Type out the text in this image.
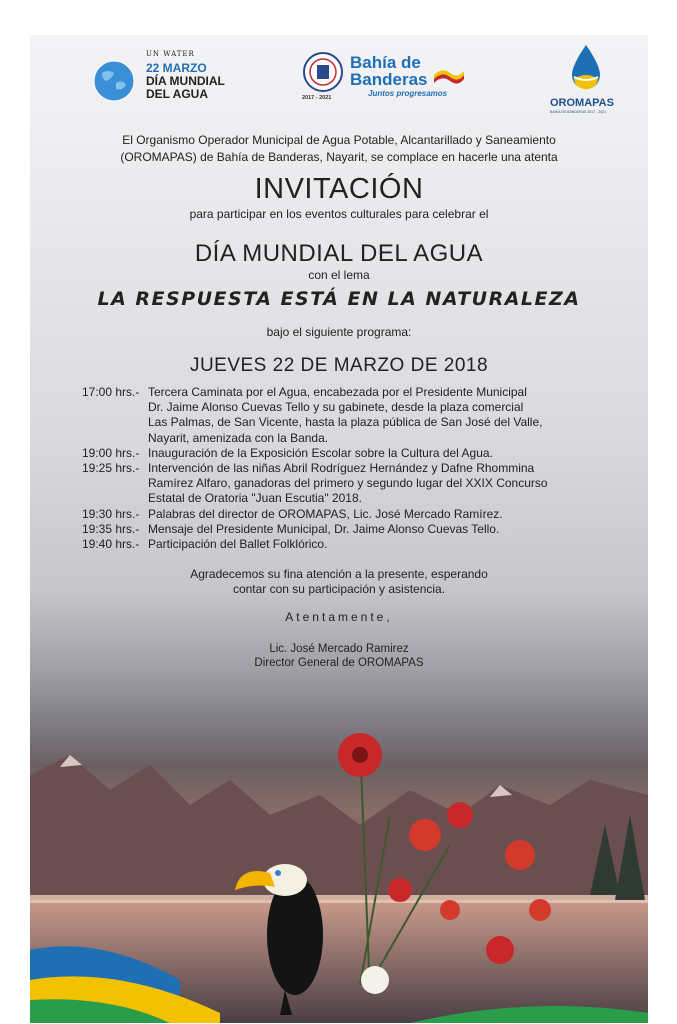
UN WATER
22 MARZO
DÍA MUNDIAL
DEL AGUA	2017 - 2021
Bahía de
Banderas
Juntos progresamos
OROMAPAS
BAHÍA DE BANDERAS 2017 - 2021
El Organismo Operador Municipal de Agua Potable, Alcantarillado y Saneamiento
(OROMAPAS) de Bahía de Banderas, Nayarit, se complace en hacerle una atenta
INVITACIÓN
para participar en los eventos culturales para celebrar el
DÍA MUNDIAL DEL AGUA
con el lema
LA RESPUESTA ESTÁ EN LA NATURALEZA
bajo el siguiente programa:
JUEVES 22 DE MARZO DE 2018
17:00 hrs.- Tercera Caminata por el Agua, encabezada por el Presidente Municipal
Dr. Jaime Alonso Cuevas Tello y su gabinete, desde la plaza comercial
Las Palmas, de San Vicente, hasta la plaza pública de San José del Valle,
Nayarit, amenizada con la Banda.
19:00 hrs.- Inauguración de la Exposición Escolar sobre la Cultura del Agua.
19:25 hrs.- Intervención de las niñas Abril Rodríguez Hernández y Dafne Rhommina
Ramírez Alfaro, ganadoras del primero y segundo lugar del XXIX Concurso
Estatal de Oratoria "Juan Escutia" 2018.
19:30 hrs.- Palabras del director de OROMAPAS, Lic. José Mercado Ramírez.
19:35 hrs.- Mensaje del Presidente Municipal, Dr. Jaime Alonso Cuevas Tello.
19:40 hrs.- Participación del Ballet Folklórico.
Agradecemos su fina atención a la presente, esperando
contar con su participación y asistencia.
Atentamente,
Lic. José Mercado Ramirez
Director General de OROMAPAS
